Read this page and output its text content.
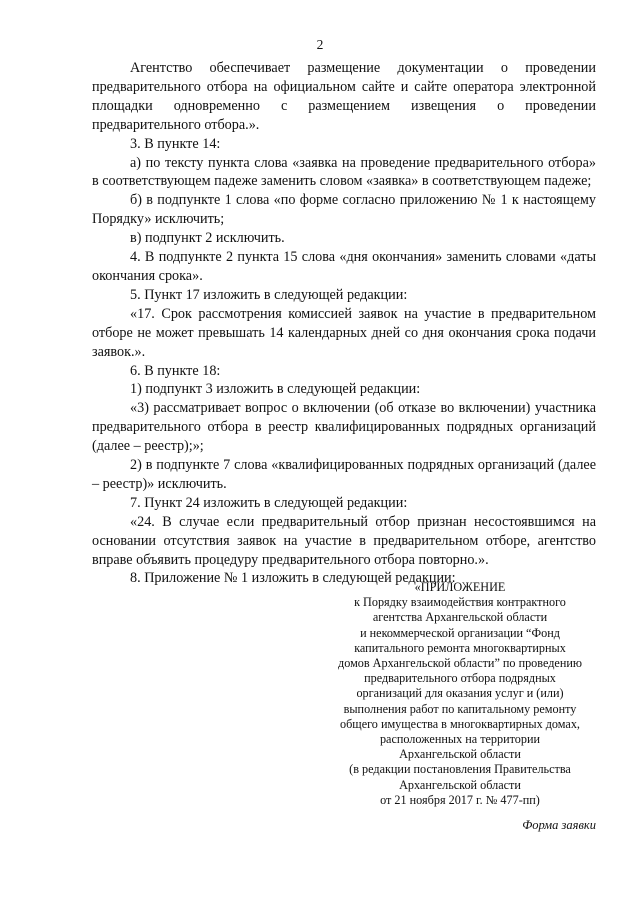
2

Агентство обеспечивает размещение документации о проведении предварительного отбора на официальном сайте и сайте оператора электронной площадки одновременно с размещением извещения о проведении предварительного отбора.».

3. В пункте 14:

а) по тексту пункта слова «заявка на проведение предварительного отбора» в соответствующем падеже заменить словом «заявка» в соответствующем падеже;

б) в подпункте 1 слова «по форме согласно приложению № 1 к настоящему Порядку» исключить;

в) подпункт 2 исключить.

4. В подпункте 2 пункта 15 слова «дня окончания» заменить словами «даты окончания срока».

5. Пункт 17 изложить в следующей редакции:

«17. Срок рассмотрения комиссией заявок на участие в предварительном отборе не может превышать 14 календарных дней со дня окончания срока подачи заявок.».

6. В пункте 18:

1) подпункт 3 изложить в следующей редакции:

«3) рассматривает вопрос о включении (об отказе во включении) участника предварительного отбора в реестр квалифицированных подрядных организаций (далее – реестр);»;

2) в подпункте 7 слова «квалифицированных подрядных организаций (далее – реестр)» исключить.

7. Пункт 24 изложить в следующей редакции:

«24. В случае если предварительный отбор признан несостоявшимся на основании отсутствия заявок на участие в предварительном отборе, агентство вправе объявить процедуру предварительного отбора повторно.».

8. Приложение № 1 изложить в следующей редакции:

«ПРИЛОЖЕНИЕ
к Порядку взаимодействия контрактного
агентства Архангельской области
и некоммерческой организации “Фонд
капитального ремонта многоквартирных
домов Архангельской области” по проведению
предварительного отбора подрядных
организаций для оказания услуг и (или)
выполнения работ по капитальному ремонту
общего имущества в многоквартирных домах,
расположенных на территории
Архангельской области
(в редакции постановления Правительства
Архангельской области
от 21 ноября 2017 г. № 477-пп)
Форма заявки
